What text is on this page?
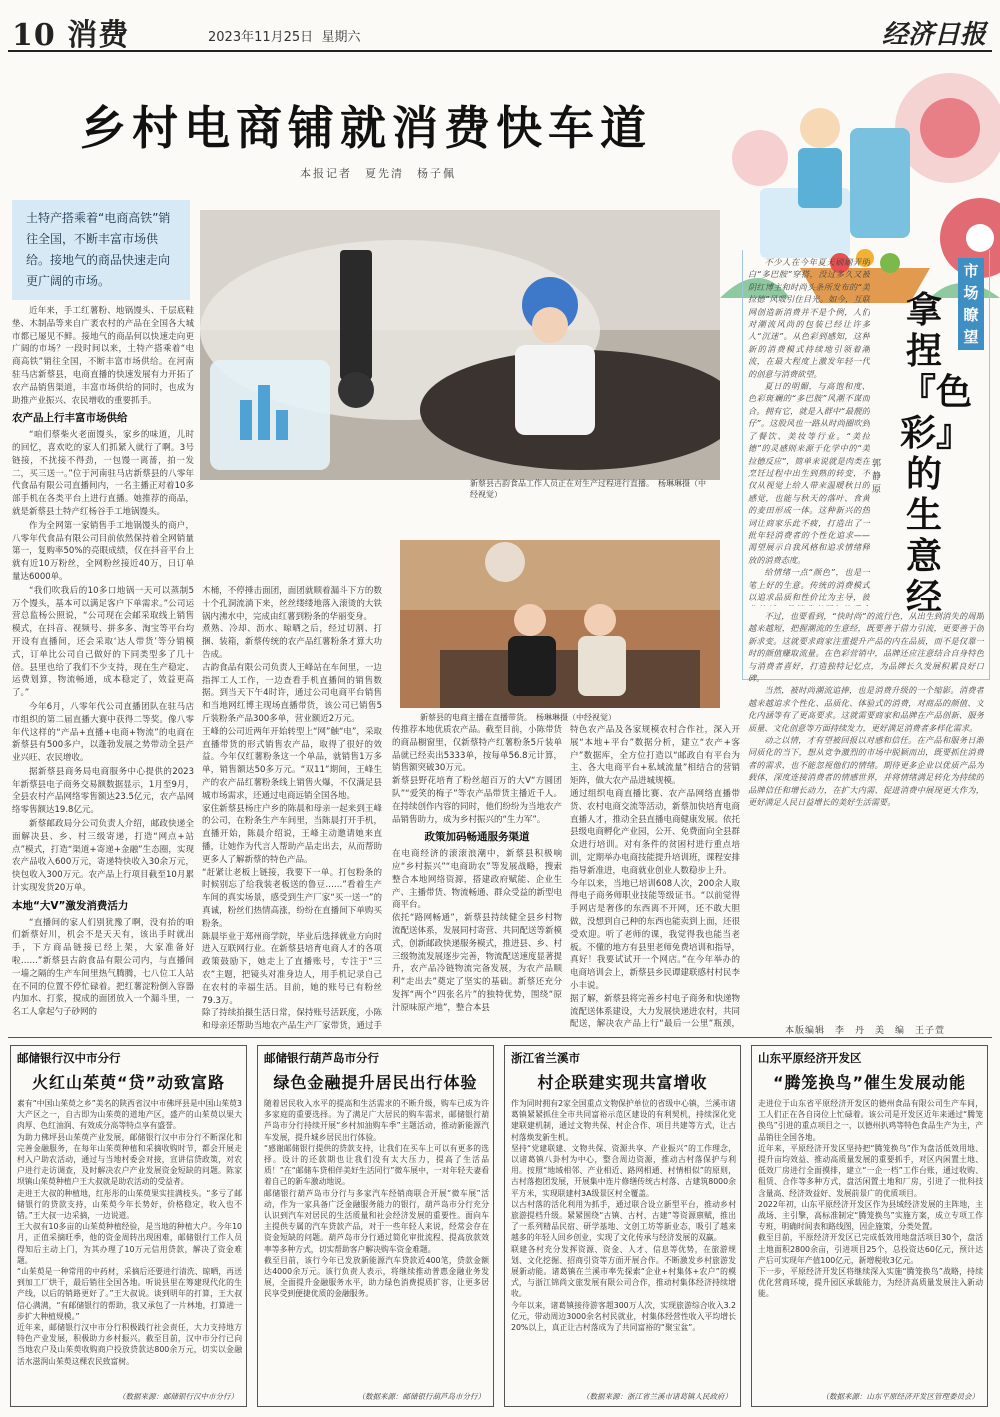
10 消费	2023年11月25日 星期六	经济日报
乡村电商铺就消费快车道
本报记者　夏先清　杨子佩
土特产搭乘着“电商高铁”销往全国，不断丰富市场供给。接地气的商品快速走向更广阔的市场。
新蔡县古韵食品工作人员正在对生产过程进行直播。　杨琳琳摄（中经视觉）
新蔡县的电商主播在直播带货。　杨琳琳摄（中经视觉）

近年来，手工红薯粉、地锅馒头、千层底鞋垫、木制品等来自广袤农村的产品在全国各大城市都已屡见不鲜。接地气的商品何以快速走向更广阔的市场？一段时间以来，土特产搭乘着“电商高铁”销往全国，不断丰富市场供给。在河南驻马店新蔡县，电商直播的快速发展有力开拓了农产品销售渠道，丰富市场供给的同时，也成为助推产业振兴、农民增收的重要抓手。

农产品上行丰富市场供给

“咱们蔡柴火老面馒头，家乡的味道，儿时的回忆，喜欢吃的家人们抓紧入就行了啊。3号链接，不扰接不得劲，一包馒一离蔷，拍一发二，买三送一。”位于河南驻马店新蔡县的八零年代食品有限公司直播间内，一名主播正对着10多部手机在各类平台上进行直播。她推荐的商品，就是新蔡县土特产红杨谷手工地锅馒头。

作为全网第一家销售手工地锅馒头的商户，八零年代食品有限公司目前依然保持着全网销量第一，复购率50%的亮眼成绩，仅在抖音平台上就有近10万粉丝，全网粉丝接近40万，日订单量达6000单。

“我们吹我后的10多口地锅一天可以蒸制5万个馒头，基本可以满足客户下单需求。”公司运营总监杨公照说，“公司现在会邮采取线上销售模式，在抖音、视频号、拼多多、淘宝等平台均开设有直播间，还会采取‘达人带货’等分销模式，订单比公司自己做好的下同类型多了几十倍。县里也给了我们不少支持，现在生产稳定、运费划算，物流畅通，成本稳定了，效益更高了。”

今年6月，八零年代公司直播团队在驻马店市组织的第二届直播大赛中获得二等奖。像八零年代这样的“产品+直播+电商+物流”的电商在新蔡县有500多户，以蓬勃发展之势带动全县产业兴旺、农民增收。

据新蔡县商务局电商服务中心提供的2023年新蔡县电子商务交易额数据显示，1月至9月，全县农村产品网络零售额达23.5亿元，农产品网络零售额达19.8亿元。

新蔡邮政局分公司负责人介绍，邮政快递全面解决县、乡、村三级寄递，打造“网点+站点”模式，打造“渠道+寄递+金融”生态圈，实现农产品收入600万元，寄递特快收入30余万元，快包收入300万元。农产品上行项目截至10月累计实现发货20万单。

本地“大V”激发消费活力

“直播间的家人们别犹豫了啊，没有抬的咱们新蔡好川，机会不是天天有，该出手时就出手，下方商品链接已经上架，大家准备好啦……”新蔡县古韵食品有限公司内，与直播间一墙之隔的生产车间里热气腾腾，七八位工人站在不同的位置不停忙碌着。把红薯淀粉倒入容器内加水、打浆，搅成的面团放入一个漏斗里，一名工人拿起勺子砂网的

木桶，不停捶击面团，面团就顺着漏斗下方的数十个孔洞流淌下来，丝丝缕缕地落入滚烫的大铁锅内沸水中，完成由红薯到粉条的华丽变身。
煮熟、冷却、沥水、晾晒之后，经过切割、打捆、装箱，新蔡传统的农产品红薯粉条才算大功告成。
古韵食品有限公司负责人王峰站在车间里，一边指挥工人工作，一边查看手机直播间的销售数据。到当天下午4时许，通过公司电商平台销售和当地网红博主现场直播带货，该公司已销售5斤装粉条产品300多单，营业额近2万元。
王峰的公司近两年开始转型上“网”触“电”，采取直播带货的形式销售农产品，取得了很好的效益。今年仅红薯粉条这一个单品，就销售1万多单，销售额达50多万元。“双11”期间，王峰生产的农产品红薯粉条线上销售火爆，不仅满足县城市场需求，还通过电商远销全国各地。
家住新蔡县杨庄户乡的陈晨和母亲一起来到王峰的公司，在粉条生产车间里，当陈晨打开手机，直播开始，陈晨介绍说，王峰主动邀请她来直播，让她作为代言人帮助产品走出去，从而帮助更多人了解新蔡的特色产品。
“赶紧让老板上链接，我要下一单。打包粉条的时候别忘了给我装老板送的鲁豆……”看着生产车间的真实场景，感受到生产厂家“买一送一”的真诚，粉丝们热情高涨，纷纷在直播间下单购买粉条。
陈晨毕业于郑州商学院，毕业后选择就业方向时进入互联网行业。在新蔡县培育电商人才的各项政策鼓励下，她走上了直播账号，专注于“三农”主题，把镜头对准身边人，用手机记录自己在农村的幸福生活。目前，她的账号已有粉丝79.3万。
除了持续拍摄生活日常，保持账号活跃度，小陈和母亲还帮助当地农产品生产厂家带货，通过手
传推荐本地优质农产品。截至目前，小陈带货的商品橱窗里，仅新蔡特产红薯粉条5斤装单品就已经卖出5333单，按每单56.8元计算，销售额突破30万元。
新蔡县野花培育了粉丝超百万的大V“方圆团队”“爱笑的梅子”等农产品带货主播近千人。在持续创作内容的同时，他们纷纷为当地农产品销售助力，成为乡村振兴的“生力军”。
政策加码畅通服务渠道
在电商经济的滚滚浪潮中，新蔡县积极响应“乡村振兴”“电商助农”等发展战略，搜索整合本地网络资源，搭建政府赋能、企业生产、主播带货、物流畅通、群众受益的新型电商平台。
依托“路网畅通”，新蔡县持续健全县乡村物流配送体系，发展同村寄营、共同配送等新模式，创新邮政快递服务模式，推进县、乡、村三级物流发展逐步完善，物流配送速度显著提升，农产品冷链物流完备发展，为农产品顺利“走出去”奠定了坚实的基础。新蔡还充分发挥“两个“四张名片”的独特优势，围绕“原汁原味原产地”，整合本县
特色农产品及各家规模农村合作社，深入开展“本地+平台”数据分析，建立“农产+客户”数据库，全方位打造以“邮政自有平台为主、各大电商平台+私域流量”相结合的营销矩阵，做大农产品进城规模。
通过组织电商直播比赛、农产品网络直播带货、农村电商交流等活动，新蔡加快培育电商直播人才，推动全县直播电商健康发展。依托县级电商孵化产业园，公开、免费面向全县群众进行培训。对有条件的贫困村进行重点培训，定期举办电商技能提升培训班，课程安排指导新准进，电商就业创业人数稳步上升。
今年以来，当地已培训608人次，200余人取得电子商务师职业技能等级证书。“以前觉得手网店是奢侈的东西离不开网，还不敢大胆做，没想到自己种的东西也能卖到上面，还很受欢迎。听了老师的课，我觉得我也能当老板。不懂的地方有县里老师免费培训和指导，真好！我要试试开一个网店。”在今年举办的电商培训会上，新蔡县乡民谭建联感村村民李小丰说。
据了解，新蔡县将完善乡村电子商务和快递物流配送体系建设，大力发展快递进农村，共同配送，解决农产品上行“最后一公里”瓶颈，
市场瞭望
拿捏『色彩』的生意经
郭静原

不少人在今年夏天刷刷弄明白“多巴胺”穿搭，没过多久又被阴红博主和时尚头条所发布的“美拉德”风吸引住目光。如今，互联网创造新消费并不是个例，人们对潮流风尚的包装已经让许多人“沉迷”。从色彩到感知，这种新的消费模式持续地引领着潮流，在最大程度上激发年轻一代的创意与消费欲望。

夏日的明媚，与高饱和度、色彩斑斓的“多巴胺”风潮不谋而合。拥有它，就是入群中“最靓的仔”。这股风也一路从时尚圈吹到了餐饮、美妆等行业。“美拉德”的灵感则来源于化学中的“美拉德反应”，简单来说就是肉类在烹饪过程中出生到熟的转变，不仅从视觉上给人带来温暖秋日的感觉，也能与秋天的落叶、食黄的麦田形成一体。这种新兴的热词让商家乐此不疲，打造出了一批年轻消费者的个性化追求——渴望展示自我风格和追求情绪释放的消费态度。

给情绪一点“颜色”，也是一笔上好的生意。传统的消费模式以追求品质和性价比为主导，彼

不过，也要看到，“快时尚”的流行色，从出生到消失的周期越来越短，把握潮流的生意经，既要善于借力引流，更要善于创新求变。这就要求商家注重提升产品的内在品质，而不是仅靠一时的颜值赚取流量。在色彩营销中，品牌还应注意结合自身特色与消费者喜好，打造独特记忆点，为品牌长久发展积累良好口碑。

当然，被时尚潮流追捧，也是消费升级的一个缩影。消费者越来越追求个性化、品质化、体验式的消费，对商品的颜值、文化内涵等有了更高要求。这就需要商家和品牌在产品创新、服务质量、文化创意等方面持续发力，更好满足消费者多样化需求。

动之以情，才有望被回报以对感和信任。在产品和服务日渐同质化的当下，想从竞争激烈的市场中脱颖而出，既要抓住消费者的需求，也不能忽视他们的情绪。期待更多企业以优质产品为载体，深度连接消费者的情感世界，并将情绪满足转化为持续的品牌信任和增长动力，在扩大内需、促进消费中展现更大作为，更好满足人民日益增长的美好生活需要。

本版编辑　李　丹　美　编　王子萱
邮储银行汉中市分行
火红山茱萸“贷”动致富路
素有“中国山茱萸之乡”美名的陕西省汉中市佛坪县是中国山茱萸3大产区之一，自古即为山茱萸的道地产区，盛产的山茱萸以果大肉厚、色红油润、有效成分高等特点享有盛誉。
为助力佛坪县山茱萸产业发展，邮储银行汉中市分行不断深化和完善金融服务，在每年山茱萸种植和采摘收购时节，都会开展走村入户助农活动，通过与当地村委会对接，宣讲信贷政策，对农户进行走访调查，及时解决农户产业发展资金短缺的问题。陈家坝镇山茱萸种植户王大叔就是助农活动的受益者。
走进王大叔的种植地，红彤彤的山茱萸果实挂满枝头。“多亏了邮储银行的贷款支持，山茱萸今年长势好，价格稳定，收入也不错。”王大叔一边采摘，一边说道。
王大叔有10多亩的山茱萸种植经验，是当地的种植大户。今年10月，正值采摘旺季，他的资金周转出现困难，邮储银行工作人员得知后主动上门，为其办理了10万元信用贷款，解决了资金难题。
“山茱萸是一种常用的中药材，采摘后还要进行清洗、晾晒，再送到加工厂烘干，最后销往全国各地。听说县里在筹建现代化的生产线，以后的销路更好了。”王大叔说。谈到明年的打算，王大叔信心满满，“有邮储银行的帮助，我又承包了一片林地，打算进一步扩大种植规模。”
近年来，邮储银行汉中市分行积极践行社会责任，大力支持地方特色产业发展，积极助力乡村振兴。截至目前，汉中市分行已向当地农户及山茱萸收购商户投放贷款达800余万元，切实以金融活水滋润山茱萸这棵农民致富树。
（数据来源：邮储银行汉中市分行）
邮储银行葫芦岛市分行
绿色金融提升居民出行体验
随着居民收入水平的提高和生活需求的不断升级，购车已成为许多家庭的重要选择。为了满足广大居民的购车需求，邮储银行葫芦岛市分行持续开展“乡村加油购车季”主题活动，推动新能源汽车发展，提升城乡居民出行体验。
“感谢邮储银行提供的贷款支持，让我们在买车上可以有更多的选择。设计的还款期也让我们没有太大压力，提高了生活品质！”在“邮储车贷相伴美好生活同行”微车展中，一对年轻夫妻看着自己的新车激动地说。
邮储银行葫芦岛市分行与多家汽车经销商联合开展“微车展”活动，作为一家具备广泛金融服务能力的银行，葫芦岛市分行充分认识到汽车对居民的生活质量和社会经济发展的重要性。面向车主提供专属的汽车贷款产品，对于一些年轻人来说，经常会存在资金短缺的问题。葫芦岛市分行通过简化审批流程、提高放款效率等多种方式，切实帮助客户解决购车资金难题。
截至目前，该行今年已发放新能源汽车贷款近400笔，贷款金额达4000余万元。该行负责人表示，将继续推动普惠金融业务发展，全面提升金融服务水平，助力绿色消费提质扩容，让更多居民享受到便捷优质的金融服务。
（数据来源：邮储银行葫芦岛市分行）
浙江省兰溪市
村企联建实现共富增收
作为同时拥有2家全国重点文物保护单位的省级中心镇，兰溪市诸葛镇紧紧抓住全市共同富裕示范区建设的有利契机，持续深化党建联建机制，通过文物共保、村企合作、项目共建等方式，让古村落焕发新生机。
坚持“党建联建、文物共保、资源共享、产业振兴”的工作理念，以诸葛镇八卦村为中心，整合周边资源，推动古村落保护与利用。按照“地域相邻、产业相近、路网相通、村情相似”的原则，古村落抱团发展，开展集中连片修缮传统古村落、古建筑8000余平方米，实现联建村3A级景区村全覆盖。
以古村落的活化利用为抓手，通过联合设立新型平台，推动乡村旅游提档升级。紧紧围绕“古镇、古村、古建”等资源禀赋，推出了一系列精品民宿、研学基地、文创工坊等新业态，吸引了越来越多的年轻人回乡创业，实现了文化传承与经济发展的双赢。
联建各村充分发挥资源、资金、人才、信息等优势，在旅游规划、文化挖掘、招商引资等方面开展合作。不断激发乡村旅游发展新动能。诸葛镇在兰溪市率先探索“企业+村集体+农户”的模式，与浙江锦尚文旅发展有限公司合作，推动村集体经济持续增收。
今年以来，诸葛镇接待游客超300万人次，实现旅游综合收入3.2亿元，带动周边3000余名村民就业，村集体经营性收入平均增长20%以上，真正让古村落成为了共同富裕的“聚宝盆”。
（数据来源：浙江省兰溪市诸葛镇人民政府）
山东平原经济开发区
“腾笼换鸟”催生发展动能
走进位于山东省平原经济开发区的德州食品有限公司生产车间，工人们正在各自岗位上忙碌着。该公司是开发区近年来通过“腾笼换鸟”引进的重点项目之一，以德州扒鸡等特色食品生产为主，产品销往全国各地。
近年来，平原经济开发区坚持把“腾笼换鸟”作为盘活低效用地、提升亩均效益、推动高质量发展的重要抓手，对区内闲置土地、低效厂房进行全面摸排，建立“一企一档”工作台账，通过收购、租赁、合作等多种方式，盘活闲置土地和厂房，引进了一批科技含量高、经济效益好、发展前景广的优质项目。
2022年初，山东平原经济开发区作为县域经济发展的主阵地，主战场、主引擎，高标准制定“腾笼换鸟”实施方案，成立专项工作专班，明确时间表和路线图，因企施策，分类处置。
截至目前，平原经济开发区已完成低效用地盘活项目30个，盘活土地面积2800余亩，引进项目25个，总投资达60亿元，预计达产后可实现年产值100亿元，新增税收3亿元。
下一步，平原经济开发区将继续深入实施“腾笼换鸟”战略，持续优化营商环境，提升园区承载能力，为经济高质量发展注入新动能。
（数据来源：山东平原经济开发区管理委员会）
